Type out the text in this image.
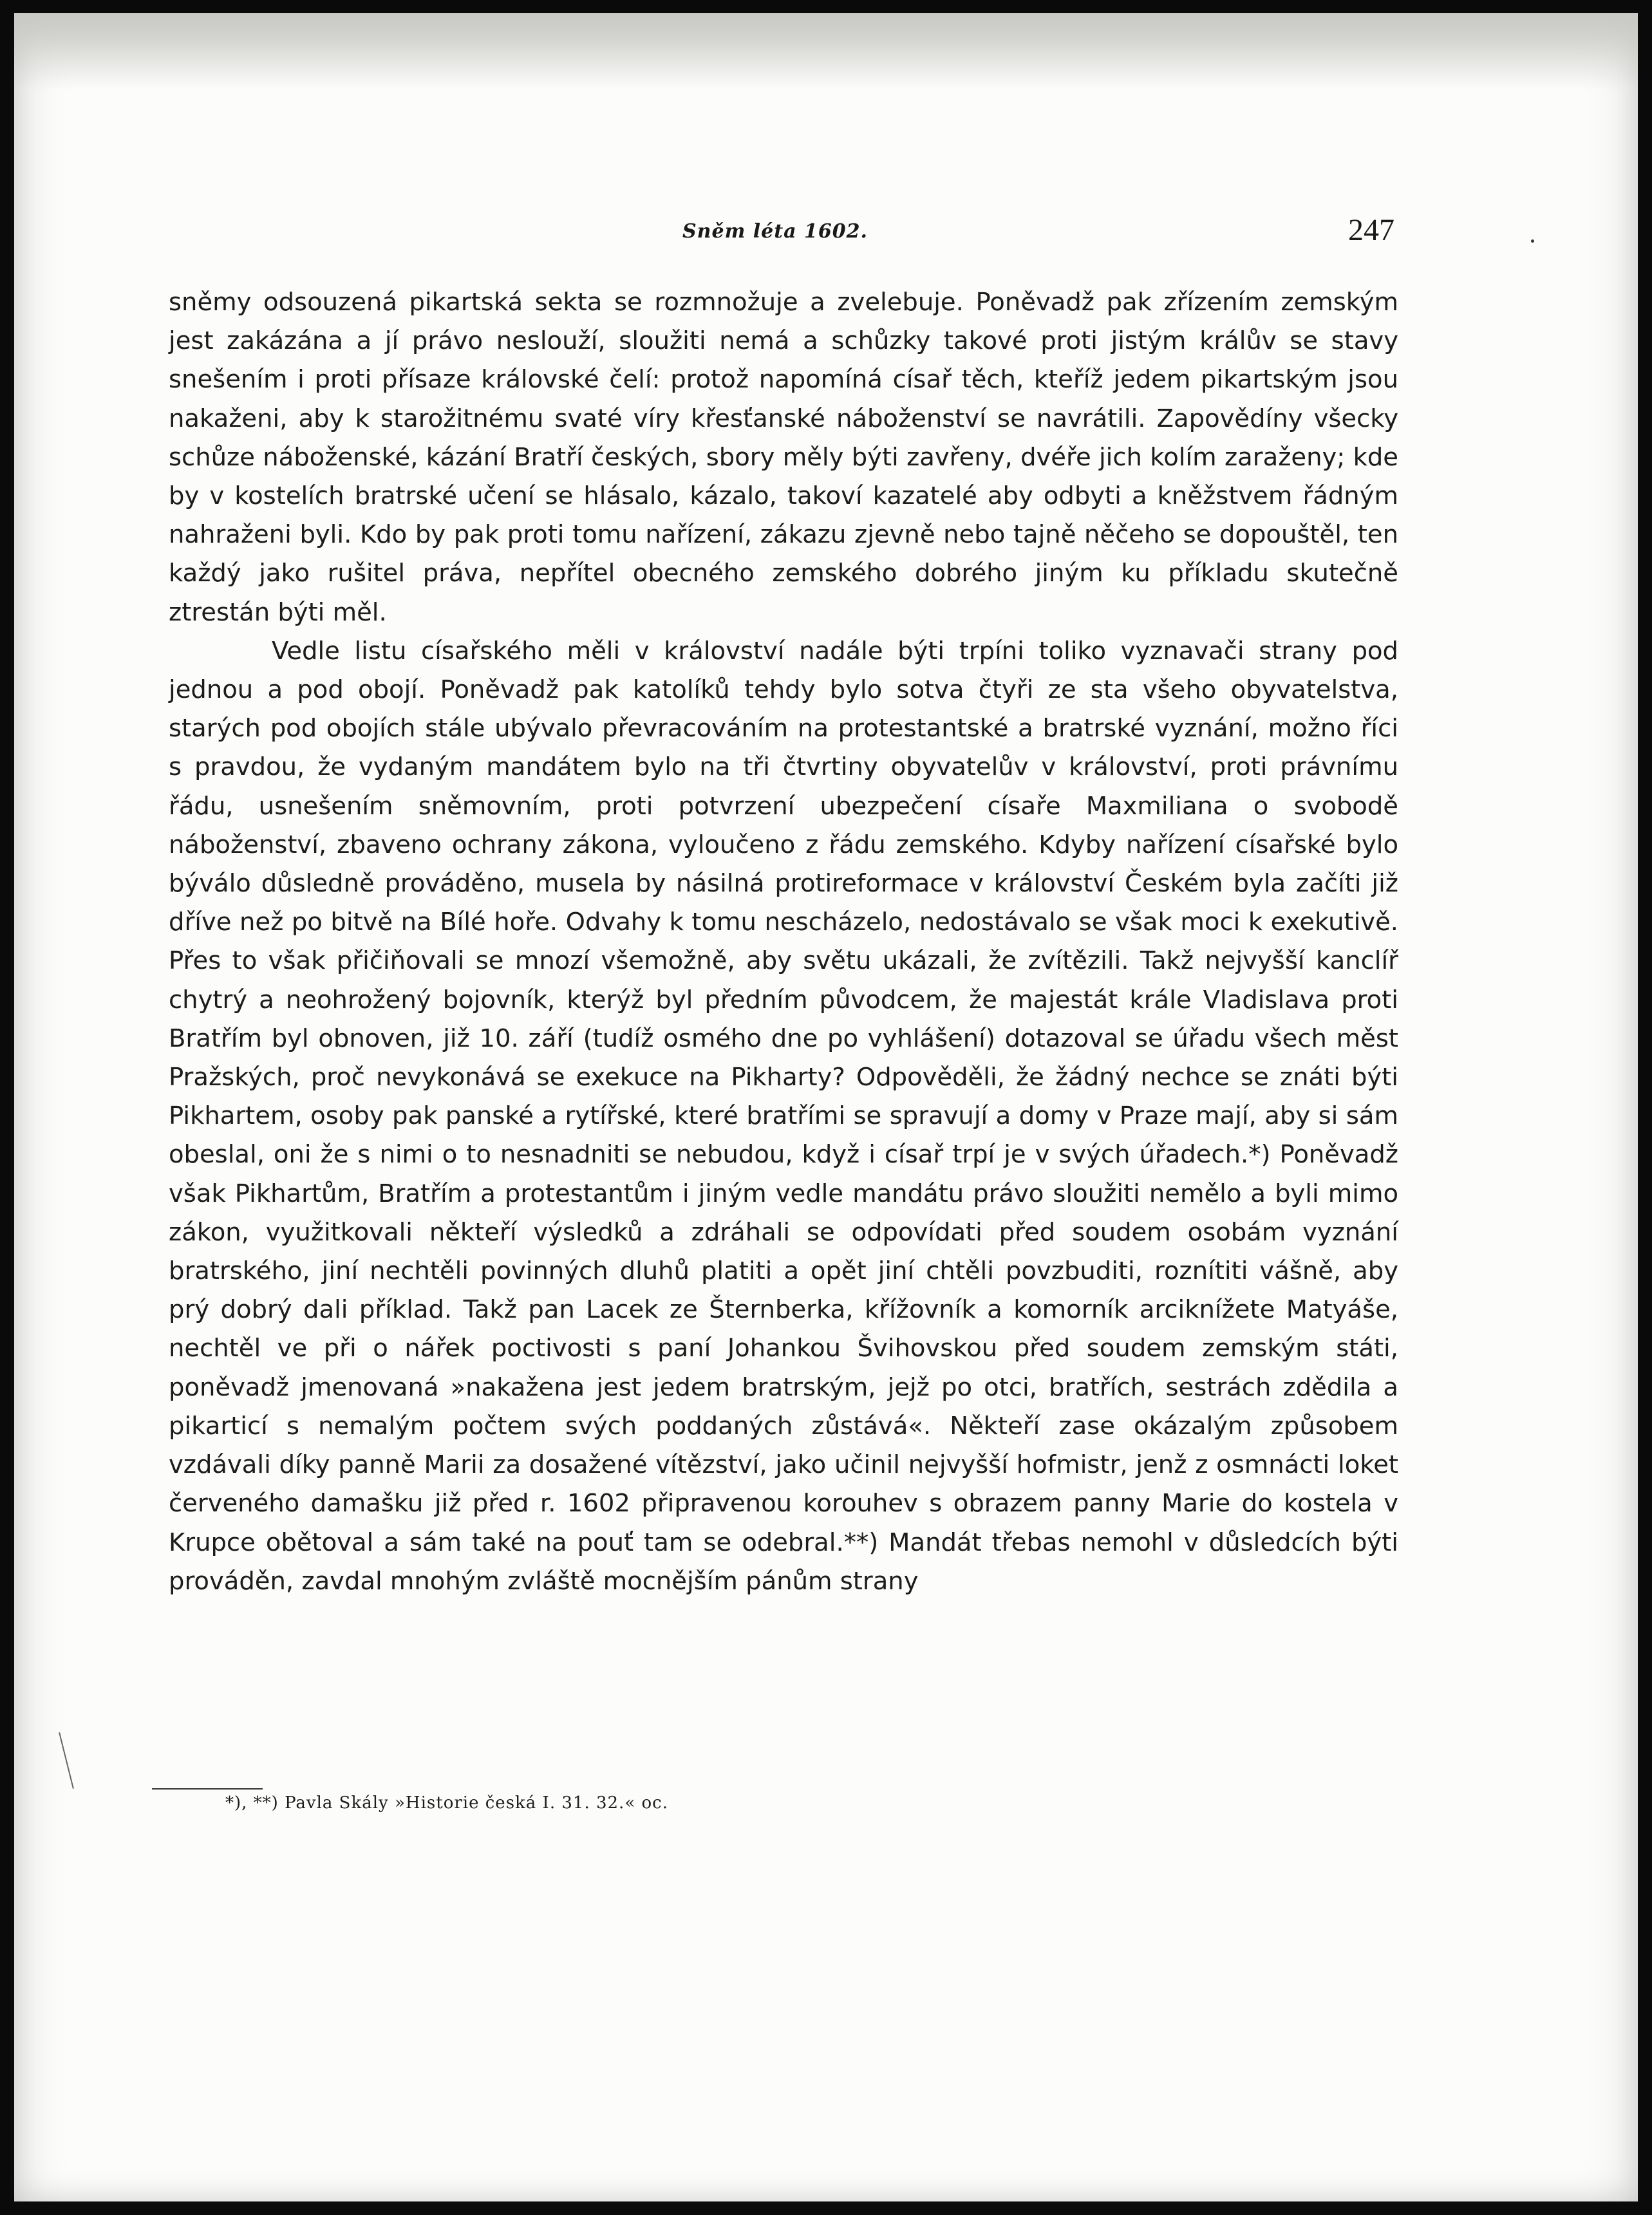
Sněm léta 1602.	247

sněmy odsouzená pikartská sekta se rozmnožuje a zvelebuje. Poněvadž pak zřízením zemským jest zakázána a jí právo neslouží, sloužiti nemá a schůzky takové proti jistým králův se stavy snešením i proti přísaze královské čelí: protož napomíná císař těch, kteříž jedem pikartským jsou nakaženi, aby k starožitnému svaté víry křesťanské náboženství se navrátili. Zapovědíny všecky schůze náboženské, kázání Bratří českých, sbory měly býti zavřeny, dvéře jich kolím zaraženy; kde by v kostelích bratrské učení se hlásalo, kázalo, takoví kazatelé aby odbyti a kněžstvem řádným nahraženi byli. Kdo by pak proti tomu nařízení, zákazu zjevně nebo tajně něčeho se dopouštěl, ten každý jako rušitel práva, nepřítel obecného zemského dobrého jiným ku příkladu skutečně ztrestán býti měl.

Vedle listu císařského měli v království nadále býti trpíni toliko vyznavači strany pod jednou a pod obojí. Poněvadž pak katolíků tehdy bylo sotva čtyři ze sta všeho obyvatelstva, starých pod obojích stále ubývalo převracováním na protestantské a bratrské vyznání, možno říci s pravdou, že vydaným mandátem bylo na tři čtvrtiny obyvatelův v království, proti právnímu řádu, usnešením sněmovním, proti potvrzení ubezpečení císaře Maxmiliana o svobodě náboženství, zbaveno ochrany zákona, vyloučeno z řádu zemského. Kdyby nařízení císařské bylo býválo důsledně prováděno, musela by násilná protireformace v království Českém byla začíti již dříve než po bitvě na Bílé hoře. Odvahy k tomu nescházelo, nedostávalo se však moci k exekutivě. Přes to však přičiňovali se mnozí všemožně, aby světu ukázali, že zvítězili. Takž nejvyšší kanclíř chytrý a neohrožený bojovník, kterýž byl předním původcem, že majestát krále Vladislava proti Bratřím byl obnoven, již 10. září (tudíž osmého dne po vyhlášení) dotazoval se úřadu všech měst Pražských, proč nevykonává se exekuce na Pikharty? Odpověděli, že žádný nechce se znáti býti Pikhartem, osoby pak panské a rytířské, které bratřími se spravují a domy v Praze mají, aby si sám obeslal, oni že s nimi o to nesnadniti se nebudou, když i císař trpí je v svých úřadech.*) Poněvadž však Pikhartům, Bratřím a protestantům i jiným vedle mandátu právo sloužiti nemělo a byli mimo zákon, využitkovali někteří výsledků a zdráhali se odpovídati před soudem osobám vyznání bratrského, jiní nechtěli povinných dluhů platiti a opět jiní chtěli povzbuditi, roznítiti vášně, aby prý dobrý dali příklad. Takž pan Lacek ze Šternberka, křížovník a komorník arciknížete Matyáše, nechtěl ve při o nářek poctivosti s paní Johankou Švihovskou před soudem zemským státi, poněvadž jmenovaná »nakažena jest jedem bratrským, jejž po otci, bratřích, sestrách zdědila a pikarticí s nemalým počtem svých poddaných zůstává«. Někteří zase okázalým způsobem vzdávali díky panně Marii za dosažené vítězství, jako učinil nejvyšší hofmistr, jenž z osmnácti loket červeného damašku již před r. 1602 připravenou korouhev s obrazem panny Marie do kostela v Krupce obětoval a sám také na pouť tam se odebral.**) Mandát třebas nemohl v důsledcích býti prováděn, zavdal mnohým zvláště mocnějším pánům strany

*), **) Pavla Skály »Historie česká I. 31. 32.« oc.
